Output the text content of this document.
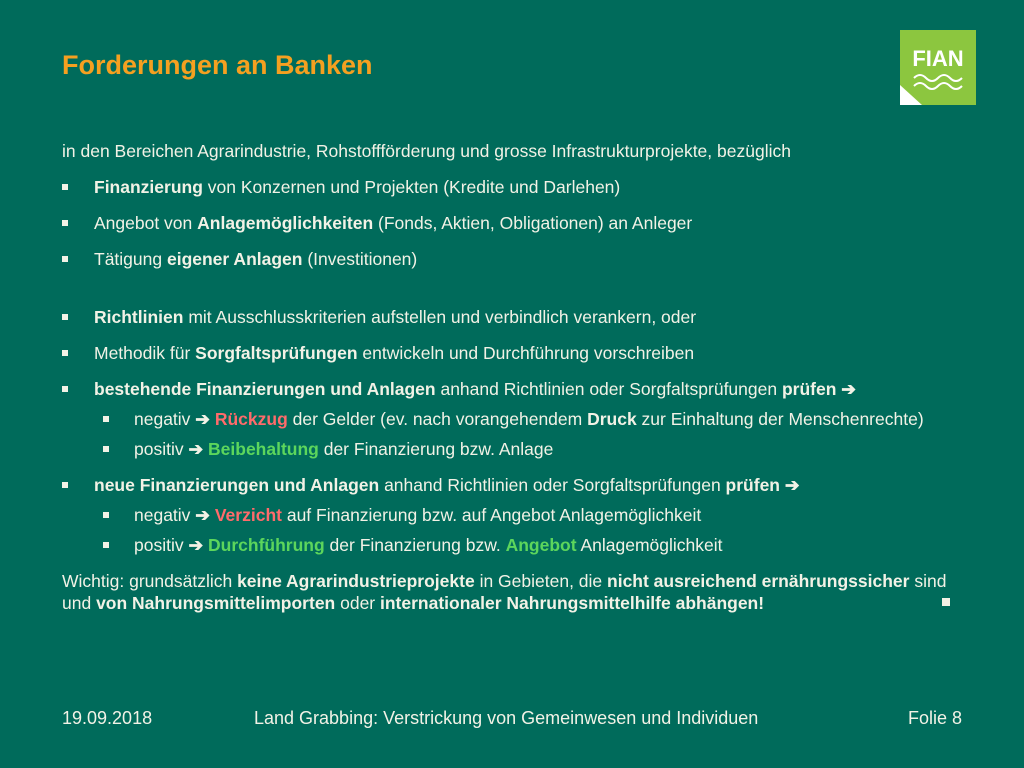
Forderungen an Banken	FIAN
in den Bereichen Agrarindustrie, Rohstoffförderung und grosse Infrastrukturprojekte, bezüglich
Finanzierung von Konzernen und Projekten (Kredite und Darlehen)
Angebot von Anlagemöglichkeiten (Fonds, Aktien, Obligationen) an Anleger
Tätigung eigener Anlagen (Investitionen)
Richtlinien mit Ausschlusskriterien aufstellen und verbindlich verankern, oder
Methodik für Sorgfaltsprüfungen entwickeln und Durchführung vorschreiben
bestehende Finanzierungen und Anlagen anhand Richtlinien oder Sorgfaltsprüfungen prüfen ➔
negativ ➔ Rückzug der Gelder (ev. nach vorangehendem Druck zur Einhaltung der Menschenrechte)
positiv ➔ Beibehaltung der Finanzierung bzw. Anlage
neue Finanzierungen und Anlagen anhand Richtlinien oder Sorgfaltsprüfungen prüfen ➔
negativ ➔ Verzicht auf Finanzierung bzw. auf Angebot Anlagemöglichkeit
positiv ➔ Durchführung der Finanzierung bzw. Angebot Anlagemöglichkeit
Wichtig: grundsätzlich keine Agrarindustrieprojekte in Gebieten, die nicht ausreichend ernährungssicher sind und von Nahrungsmittelimporten oder internationaler Nahrungsmittelhilfe abhängen!
19.09.2018	Land Grabbing: Verstrickung von Gemeinwesen und Individuen	Folie 8
